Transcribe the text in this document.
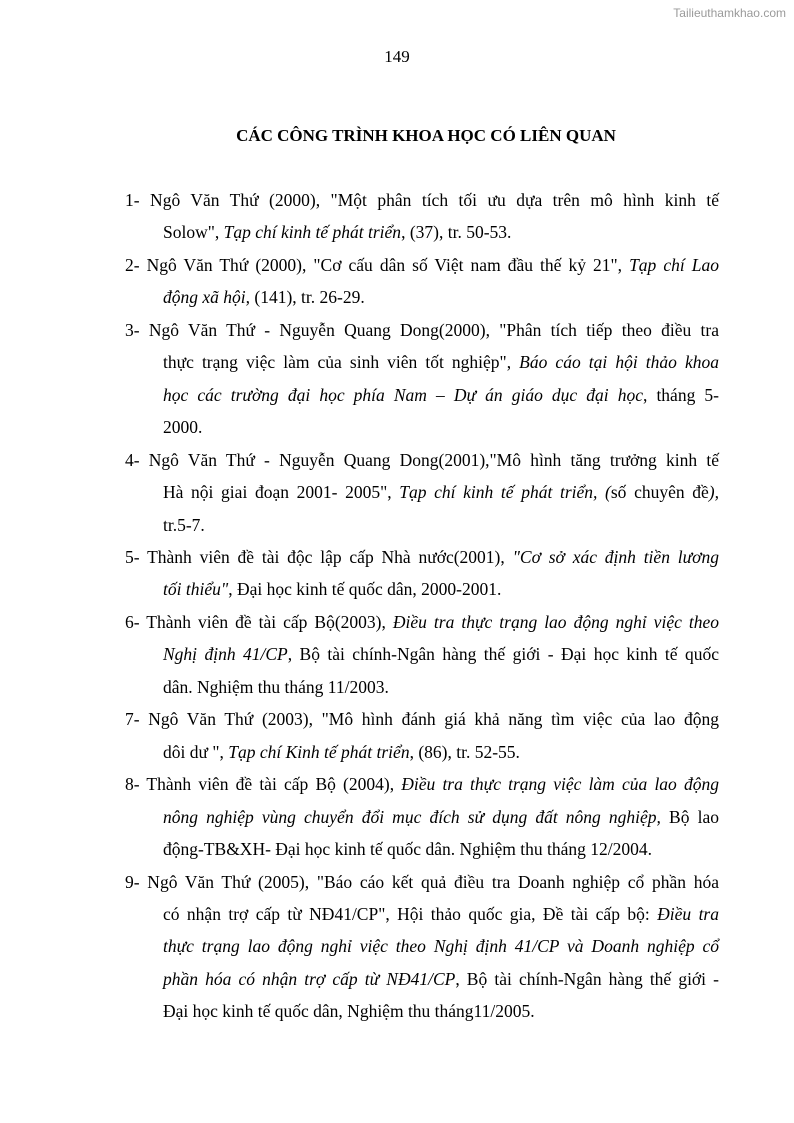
Tailieuthamkhao.com
149
CÁC CÔNG TRÌNH KHOA HỌC CÓ LIÊN QUAN
1- Ngô Văn Thứ (2000), "Một phân tích tối ưu dựa trên mô hình kinh tế
Solow", Tạp chí kinh tế phát triển, (37), tr. 50-53.
2- Ngô Văn Thứ (2000), "Cơ cấu dân số Việt nam đầu thế kỷ 21", Tạp chí Lao
động xã hội, (141), tr. 26-29.
3- Ngô Văn Thứ - Nguyễn Quang Dong(2000), "Phân tích tiếp theo điều tra
thực trạng việc làm của sinh viên tốt nghiệp", Báo cáo tại hội thảo khoa
học các trường đại học phía Nam – Dự án giáo dục đại học, tháng 5-
2000.
4- Ngô Văn Thứ - Nguyễn Quang Dong(2001),"Mô hình tăng trưởng kinh tế
Hà nội giai đoạn 2001- 2005", Tạp chí kinh tế phát triển, (số chuyên đề),
tr.5-7.
5- Thành viên đề tài độc lập cấp Nhà nước(2001), "Cơ sở xác định tiền lương
tối thiểu", Đại học kinh tế quốc dân, 2000-2001.
6- Thành viên đề tài cấp Bộ(2003), Điều tra thực trạng lao động nghỉ việc theo
Nghị định 41/CP, Bộ tài chính-Ngân hàng thế giới - Đại học kinh tế quốc
dân. Nghiệm thu tháng 11/2003.
7- Ngô Văn Thứ (2003), "Mô hình đánh giá khả năng tìm việc của lao động
dôi dư ", Tạp chí Kinh tế phát triển, (86), tr. 52-55.
8- Thành viên đề tài cấp Bộ (2004), Điều tra thực trạng việc làm của lao động
nông nghiệp vùng chuyển đổi mục đích sử dụng đất nông nghiệp, Bộ lao
động-TB&XH- Đại học kinh tế quốc dân. Nghiệm thu tháng 12/2004.
9- Ngô Văn Thứ (2005), "Báo cáo kết quả điều tra Doanh nghiệp cổ phần hóa
có nhận trợ cấp từ NĐ41/CP", Hội thảo quốc gia, Đề tài cấp bộ: Điều tra
thực trạng lao động nghỉ việc theo Nghị định 41/CP và Doanh nghiệp cổ
phần hóa có nhận trợ cấp từ NĐ41/CP, Bộ tài chính-Ngân hàng thế giới -
Đại học kinh tế quốc dân, Nghiệm thu tháng11/2005.
